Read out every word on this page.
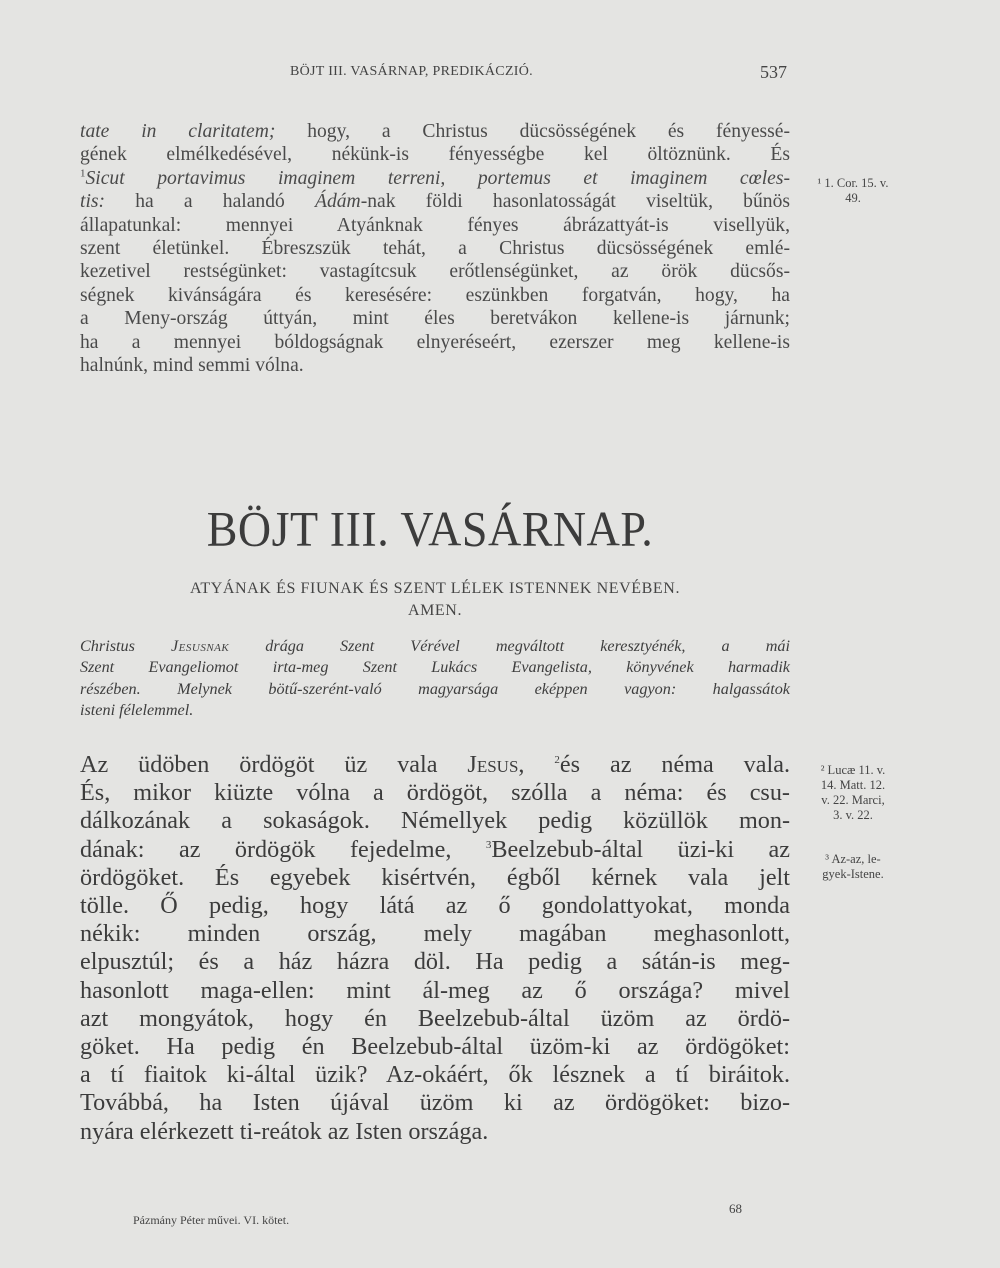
BÖJT III. VASÁRNAP, PREDIKÁCZIÓ.	537
tate in claritatem; hogy, a Christus dücsösségének és fényessé-
gének elmélkedésével, nékünk-is fényességbe kel öltöznünk. És
$^1$Sicut portavimus imaginem terreni, portemus et imaginem cœles-
tis: ha a halandó Ádám-nak földi hasonlatosságát viseltük, bűnös
állapatunkal: mennyei Atyánknak fényes ábrázattyát-is visellyük,
szent életünkel. Ébreszszük tehát, a Christus dücsösségének emlé-
kezetivel restségünket: vastagítcsuk erőtlenségünket, az örök dücsős-
ségnek kivánságára és keresésére: eszünkben forgatván, hogy, ha
a Meny-ország úttyán, mint éles beretvákon kellene-is járnunk;
ha a mennyei bóldogságnak elnyeréseért, ezerszer meg kellene-is
halnúnk, mind semmi vólna.
BÖJT III. VASÁRNAP.
ATYÁNAK ÉS FIUNAK ÉS SZENT LÉLEK ISTENNEK NEVÉBEN.
AMEN.
Christus Jesusnak drága Szent Vérével megváltott keresztyénék, a mái
Szent Evangeliomot irta-meg Szent Lukács Evangelista, könyvének harmadik
részében. Melynek bötű-szerént-való magyarsága eképpen vagyon: halgassátok
isteni félelemmel.
Az üdöben ördögöt üz vala Jesus, $^2$és az néma vala.
És, mikor kiüzte vólna a ördögöt, szólla a néma: és csu-
dálkozának a sokaságok. Némellyek pedig közüllök mon-
dának: az ördögök fejedelme, $^3$Beelzebub-által üzi-ki az
ördögöket. És egyebek kisértvén, égből kérnek vala jelt
tölle. Ő pedig, hogy látá az ő gondolattyokat, monda
nékik: minden ország, mely magában meghasonlott,
elpusztúl; és a ház házra döl. Ha pedig a sátán-is meg-
hasonlott maga-ellen: mint ál-meg az ő országa? mivel
azt mongyátok, hogy én Beelzebub-által üzöm az ördö-
göket. Ha pedig én Beelzebub-által üzöm-ki az ördögöket:
a tí fiaitok ki-által üzik? Az-okáért, ők lésznek a tí biráitok.
Továbbá, ha Isten újával üzöm ki az ördögöket: bizo-
nyára elérkezett ti-reátok az Isten országa.
¹ 1. Cor. 15. v.
49.
² Lucæ 11. v.
14. Matt. 12.
v. 22. Marci,
3. v. 22.
³ Az-az, le-
gyek-Istene.
Pázmány Péter művei. VI. kötet.
68
